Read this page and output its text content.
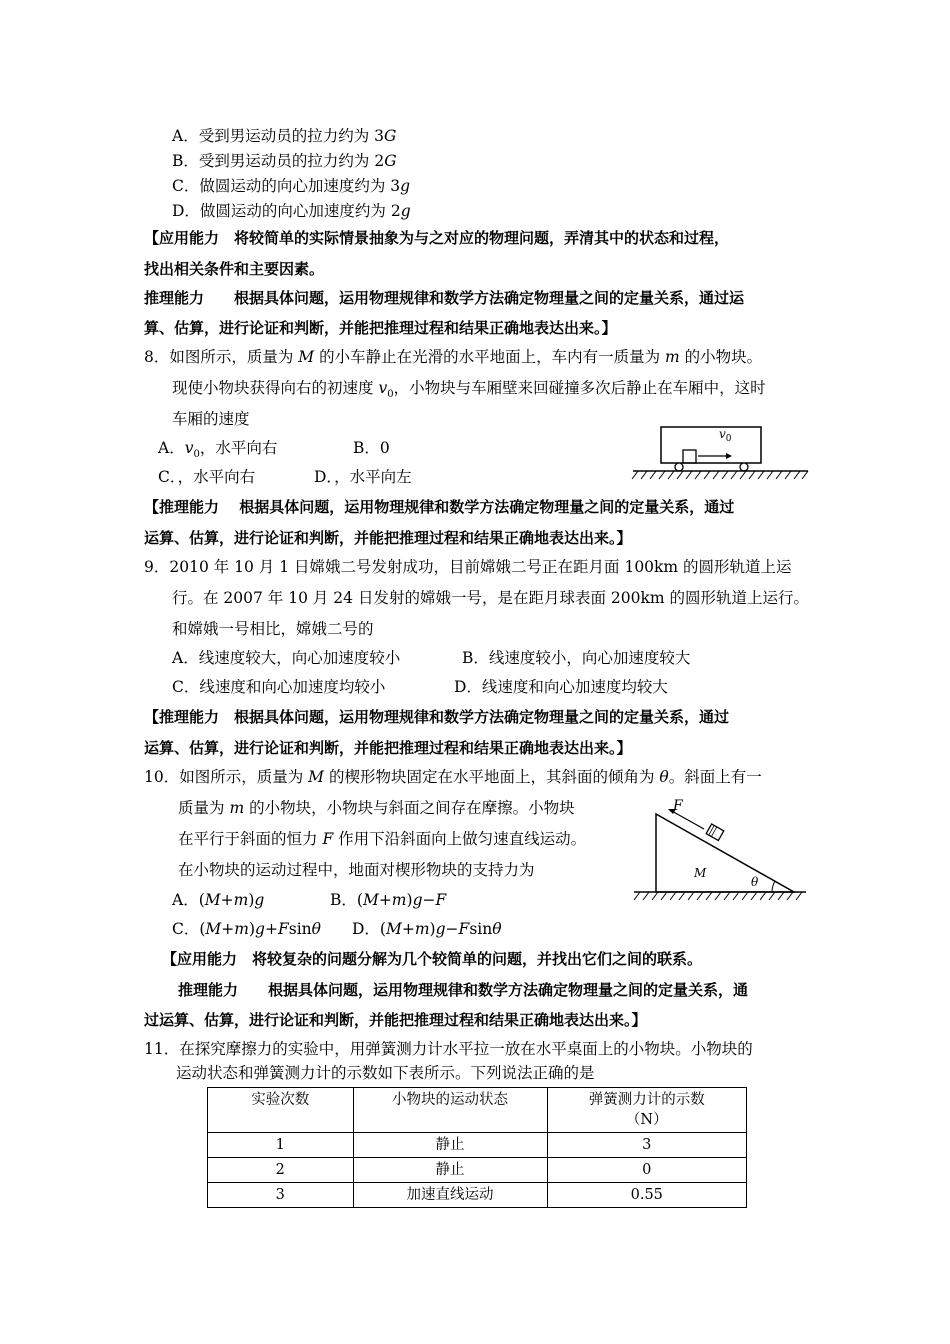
A．受到男运动员的拉力约为 3G
B．受到男运动员的拉力约为 2G
C．做圆运动的向心加速度约为 3g
D．做圆运动的向心加速度约为 2g
【应用能力　将较简单的实际情景抽象为与之对应的物理问题，弄清其中的状态和过程，
找出相关条件和主要因素。
推理能力　　根据具体问题，运用物理规律和数学方法确定物理量之间的定量关系，通过运
算、估算，进行论证和判断，并能把推理过程和结果正确地表达出来。】
8．如图所示，质量为 M 的小车静止在光滑的水平地面上，车内有一质量为 m 的小物块。
现使小物块获得向右的初速度 $v_0$，小物块与车厢壁来回碰撞多次后静止在车厢中，这时
车厢的速度
A．$v_0$，水平向右	B．0
C．，水平向右	D．，水平向左
$v_0$
【推理能力　 根据具体问题，运用物理规律和数学方法确定物理量之间的定量关系，通过
运算、估算，进行论证和判断，并能把推理过程和结果正确地表达出来。】
9．2010 年 10 月 1 日嫦娥二号发射成功，目前嫦娥二号正在距月面 100km 的圆形轨道上运
行。在 2007 年 10 月 24 日发射的嫦娥一号，是在距月球表面 200km 的圆形轨道上运行。
和嫦娥一号相比，嫦娥二号的
A．线速度较大，向心加速度较小	B．线速度较小，向心加速度较大
C．线速度和向心加速度均较小	D．线速度和向心加速度均较大
【推理能力　根据具体问题，运用物理规律和数学方法确定物理量之间的定量关系，通过
运算、估算，进行论证和判断，并能把推理过程和结果正确地表达出来。】
10．如图所示，质量为 M 的楔形物块固定在水平地面上，其斜面的倾角为 θ。斜面上有一
质量为 m 的小物块，小物块与斜面之间存在摩擦。小物块
在平行于斜面的恒力 F 作用下沿斜面向上做匀速直线运动。
在小物块的运动过程中，地面对楔形物块的支持力为
A．(M+m)g	B．(M+m)g−F
C．(M+m)g+Fsinθ D．(M+m)g−Fsinθ
F
M
θ
【应用能力　将较复杂的问题分解为几个较简单的问题，并找出它们之间的联系。
推理能力　　根据具体问题，运用物理规律和数学方法确定物理量之间的定量关系，通
过运算、估算，进行论证和判断，并能把推理过程和结果正确地表达出来。】
11．在探究摩擦力的实验中，用弹簧测力计水平拉一放在水平桌面上的小物块。小物块的
运动状态和弹簧测力计的示数如下表所示。下列说法正确的是
实验次数	小物块的运动状态	弹簧测力计的示数
（N）

1	静止	3
2	静止	0
3	加速直线运动	0.55
